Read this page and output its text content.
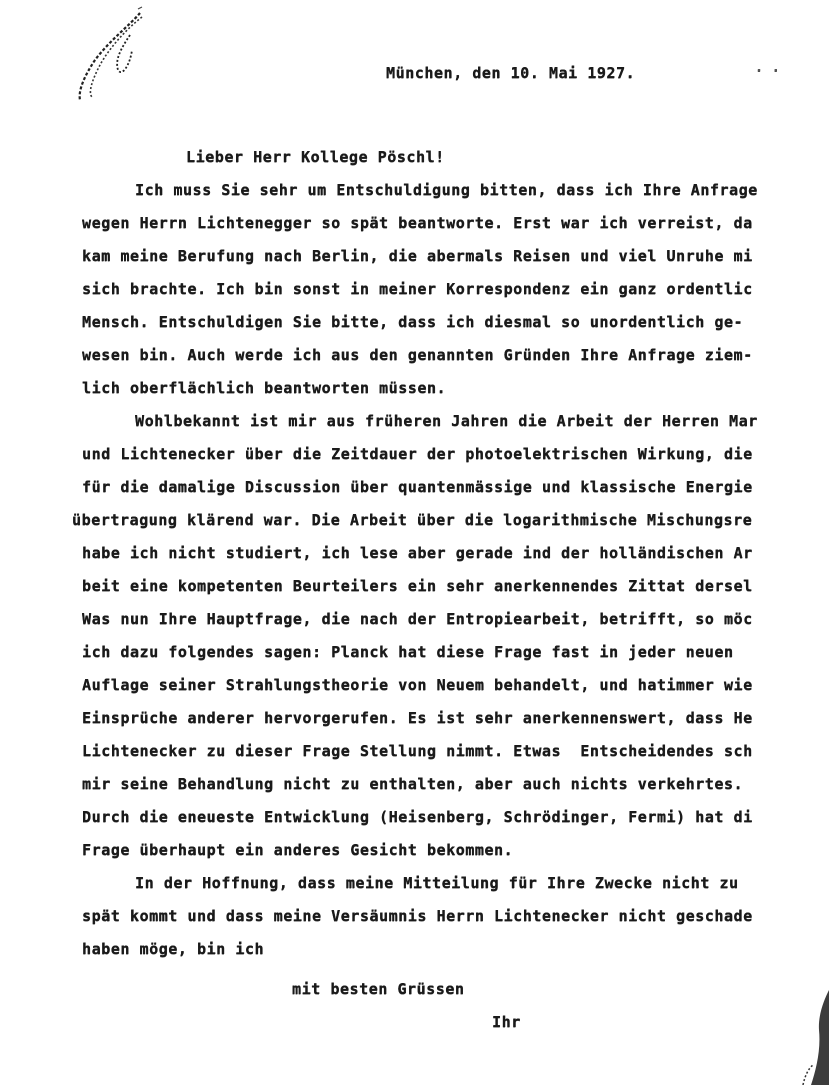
München, den 10. Mai 1927.	· ·
Lieber Herr Kollege Pöschl!
Ich muss Sie sehr um Entschuldigung bitten, dass ich Ihre Anfrage
wegen Herrn Lichtenegger so spät beantworte. Erst war ich verreist, da
kam meine Berufung nach Berlin, die abermals Reisen und viel Unruhe mi
sich brachte. Ich bin sonst in meiner Korrespondenz ein ganz ordentlic
Mensch. Entschuldigen Sie bitte, dass ich diesmal so unordentlich ge-
wesen bin. Auch werde ich aus den genannten Gründen Ihre Anfrage ziem-
lich oberflächlich beantworten müssen.
Wohlbekannt ist mir aus früheren Jahren die Arbeit der Herren Mar
und Lichtenecker über die Zeitdauer der photoelektrischen Wirkung, die
für die damalige Discussion über quantenmässige und klassische Energie
übertragung klärend war. Die Arbeit über die logarithmische Mischungsre
habe ich nicht studiert, ich lese aber gerade ind der holländischen Ar
beit eine kompetenten Beurteilers ein sehr anerkennendes Zittat dersel
Was nun Ihre Hauptfrage, die nach der Entropiearbeit, betrifft, so möc
ich dazu folgendes sagen: Planck hat diese Frage fast in jeder neuen
Auflage seiner Strahlungstheorie von Neuem behandelt, und hatimmer wie
Einsprüche anderer hervorgerufen. Es ist sehr anerkennenswert, dass He
Lichtenecker zu dieser Frage Stellung nimmt. Etwas  Entscheidendes sch
mir seine Behandlung nicht zu enthalten, aber auch nichts verkehrtes.
Durch die eneueste Entwicklung (Heisenberg, Schrödinger, Fermi) hat di
Frage überhaupt ein anderes Gesicht bekommen.
In der Hoffnung, dass meine Mitteilung für Ihre Zwecke nicht zu
spät kommt und dass meine Versäumnis Herrn Lichtenecker nicht geschade
haben möge, bin ich
mit besten Grüssen
Ihr
